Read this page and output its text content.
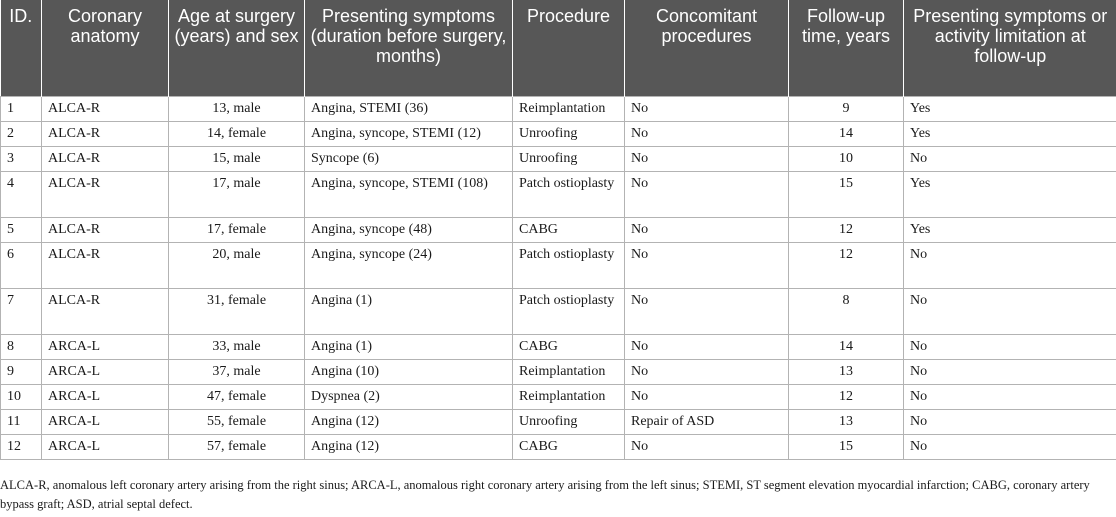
ID.	Coronary anatomy	Age at surgery (years) and sex	Presenting symptoms (duration before surgery, months)	Procedure	Concomitant procedures	Follow-up time, years	Presenting symptoms or activity limitation at follow-up
1	ALCA-R	13, male	Angina, STEMI (36)	Reimplantation	No	9	Yes
2	ALCA-R	14, female	Angina, syncope, STEMI (12)	Unroofing	No	14	Yes
3	ALCA-R	15, male	Syncope (6)	Unroofing	No	10	No
4	ALCA-R	17, male	Angina, syncope, STEMI (108)	Patch ostioplasty	No	15	Yes
5	ALCA-R	17, female	Angina, syncope (48)	CABG	No	12	Yes
6	ALCA-R	20, male	Angina, syncope (24)	Patch ostioplasty	No	12	No
7	ALCA-R	31, female	Angina (1)	Patch ostioplasty	No	8	No
8	ARCA-L	33, male	Angina (1)	CABG	No	14	No
9	ARCA-L	37, male	Angina (10)	Reimplantation	No	13	No
10	ARCA-L	47, female	Dyspnea (2)	Reimplantation	No	12	No
11	ARCA-L	55, female	Angina (12)	Unroofing	Repair of ASD	13	No
12	ARCA-L	57, female	Angina (12)	CABG	No	15	No
ALCA-R, anomalous left coronary artery arising from the right sinus; ARCA-L, anomalous right coronary artery arising from the left sinus; STEMI, ST segment elevation myocardial infarction; CABG, coronary artery bypass graft; ASD, atrial septal defect.
